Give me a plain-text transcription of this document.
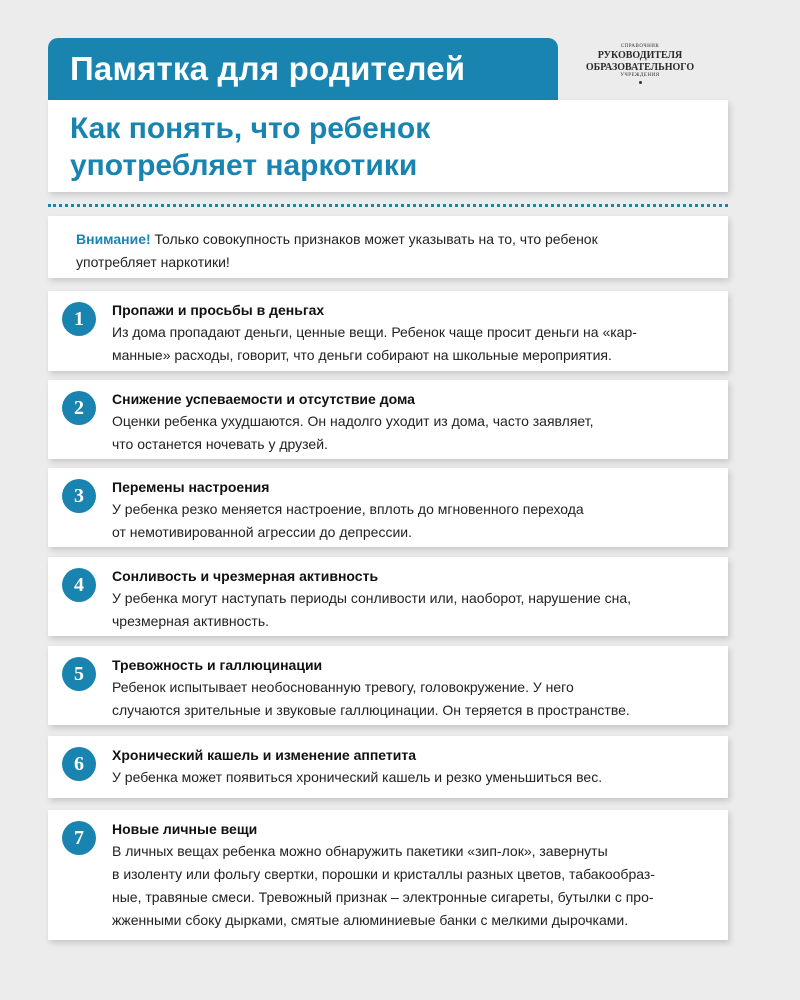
Памятка для родителей
СПРАВОЧНИК
РУКОВОДИТЕЛЯ
ОБРАЗОВАТЕЛЬНОГО
УЧРЕЖДЕНИЯ
Как понять, что ребенок
употребляет наркотики
Внимание! Только совокупность признаков может указывать на то, что ребенок
употребляет наркотики!
1	Пропажи и просьбы в деньгах
Из дома пропадают деньги, ценные вещи. Ребенок чаще просит деньги на «кар-
манные» расходы, говорит, что деньги собирают на школьные мероприятия.
2	Снижение успеваемости и отсутствие дома
Оценки ребенка ухудшаются. Он надолго уходит из дома, часто заявляет,
что останется ночевать у друзей.
3	Перемены настроения
У ребенка резко меняется настроение, вплоть до мгновенного перехода
от немотивированной агрессии до депрессии.
4	Сонливость и чрезмерная активность
У ребенка могут наступать периоды сонливости или, наоборот, нарушение сна,
чрезмерная активность.
5	Тревожность и галлюцинации
Ребенок испытывает необоснованную тревогу, головокружение. У него
случаются зрительные и звуковые галлюцинации. Он теряется в пространстве.
6	Хронический кашель и изменение аппетита
У ребенка может появиться хронический кашель и резко уменьшиться вес.
7	Новые личные вещи
В личных вещах ребенка можно обнаружить пакетики «зип-лок», завернуты
в изоленту или фольгу свертки, порошки и кристаллы разных цветов, табакообраз-
ные, травяные смеси. Тревожный признак – электронные сигареты, бутылки с про-
жженными сбоку дырками, смятые алюминиевые банки с мелкими дырочками.
